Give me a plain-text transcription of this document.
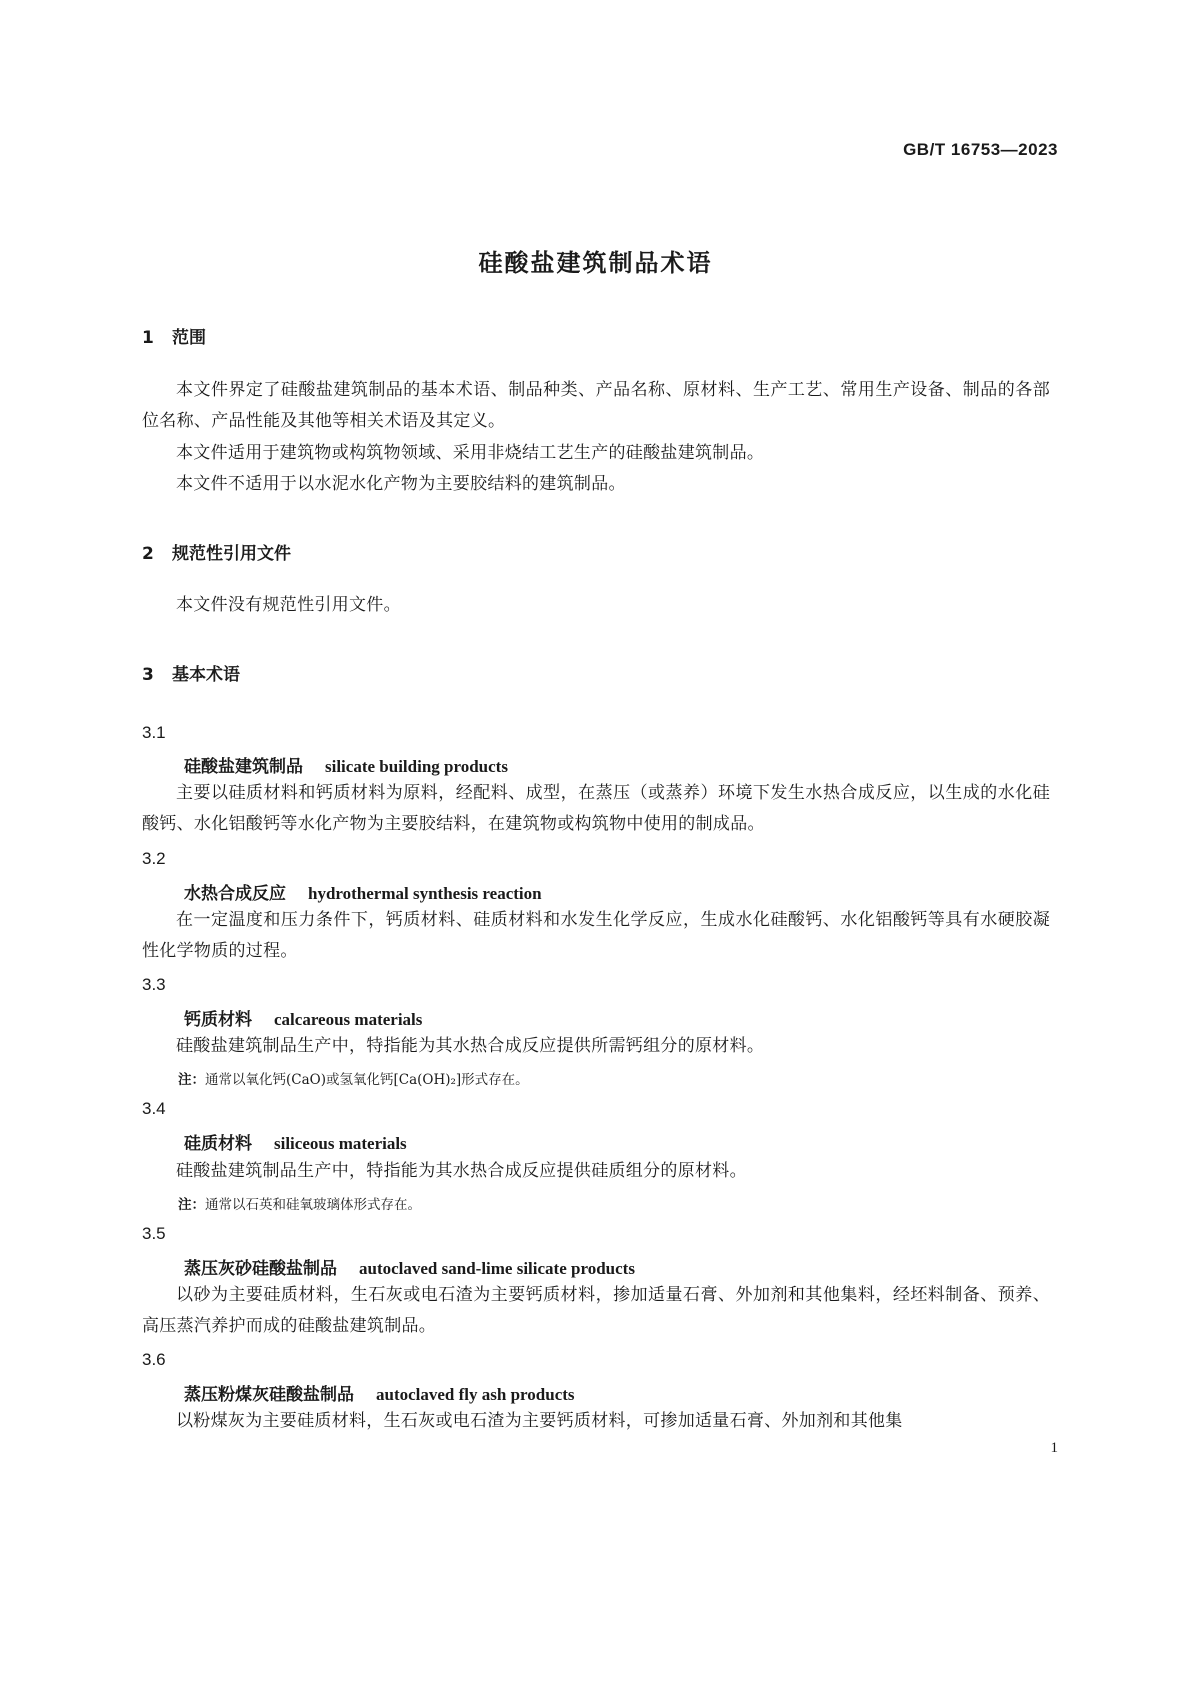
GB/T 16753—2023
硅酸盐建筑制品术语
1 范围
本文件界定了硅酸盐建筑制品的基本术语、制品种类、产品名称、原材料、生产工艺、常用生产设备、制品的各部位名称、产品性能及其他等相关术语及其定义。
本文件适用于建筑物或构筑物领域、采用非烧结工艺生产的硅酸盐建筑制品。
本文件不适用于以水泥水化产物为主要胶结料的建筑制品。
2 规范性引用文件
本文件没有规范性引用文件。
3 基本术语
3.1
硅酸盐建筑制品 silicate building products
主要以硅质材料和钙质材料为原料，经配料、成型，在蒸压（或蒸养）环境下发生水热合成反应，以生成的水化硅酸钙、水化铝酸钙等水化产物为主要胶结料，在建筑物或构筑物中使用的制成品。
3.2
水热合成反应 hydrothermal synthesis reaction
在一定温度和压力条件下，钙质材料、硅质材料和水发生化学反应，生成水化硅酸钙、水化铝酸钙等具有水硬胶凝性化学物质的过程。
3.3
钙质材料 calcareous materials
硅酸盐建筑制品生产中，特指能为其水热合成反应提供所需钙组分的原材料。
注：通常以氧化钙(CaO)或氢氧化钙[Ca(OH)₂]形式存在。
3.4
硅质材料 siliceous materials
硅酸盐建筑制品生产中，特指能为其水热合成反应提供硅质组分的原材料。
注：通常以石英和硅氧玻璃体形式存在。
3.5
蒸压灰砂硅酸盐制品 autoclaved sand-lime silicate products
以砂为主要硅质材料，生石灰或电石渣为主要钙质材料，掺加适量石膏、外加剂和其他集料，经坯料制备、预养、高压蒸汽养护而成的硅酸盐建筑制品。
3.6
蒸压粉煤灰硅酸盐制品 autoclaved fly ash products
以粉煤灰为主要硅质材料，生石灰或电石渣为主要钙质材料，可掺加适量石膏、外加剂和其他集
1
